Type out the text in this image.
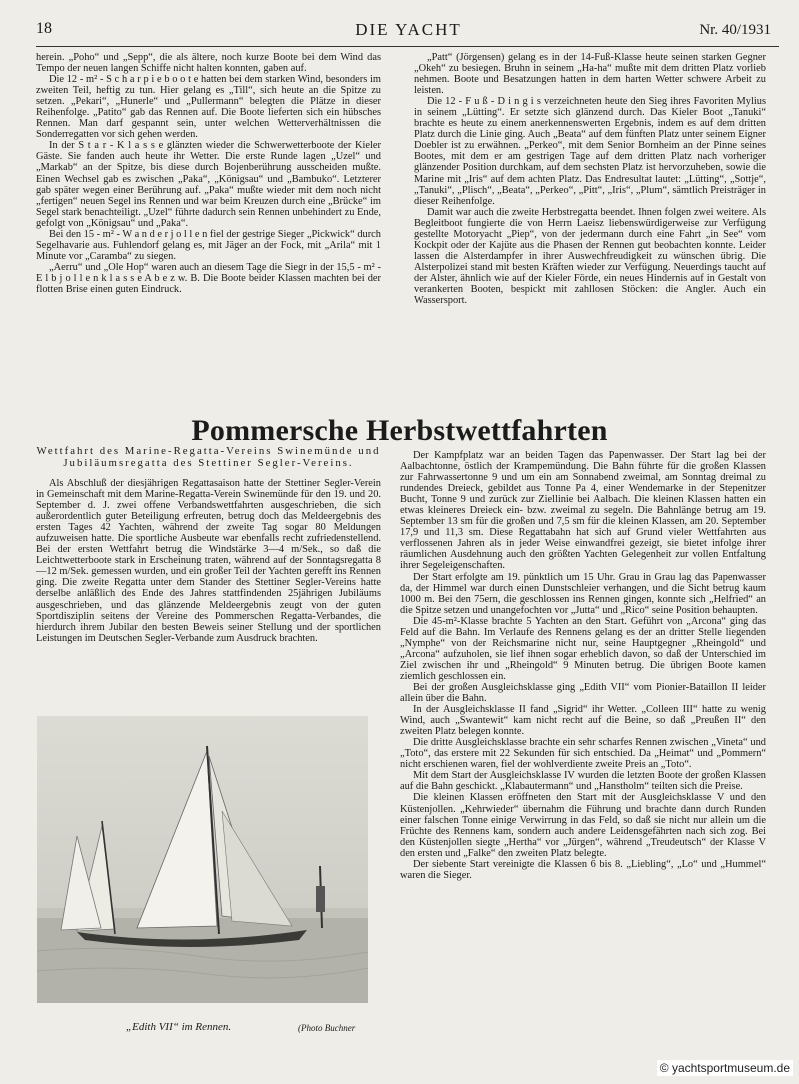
18	DIE YACHT	Nr. 40/1931

herein. „Poho“ und „Sepp“, die als ältere, noch kurze Boote bei dem Wind das Tempo der neuen langen Schiffe nicht halten konnten, gaben auf.

Die 12 - m² - S c h a r p i e b o o t e hatten bei dem starken Wind, besonders im zweiten Teil, heftig zu tun. Hier gelang es „Till“, sich heute an die Spitze zu setzen. „Pekari“, „Hunerle“ und „Pullermann“ belegten die Plätze in dieser Reihenfolge. „Patito“ gab das Rennen auf. Die Boote lieferten sich ein hübsches Rennen. Man darf gespannt sein, unter welchen Wetterverhältnissen die Sonderregatten vor sich gehen werden.

In der S t a r - K l a s s e glänzten wieder die Schwerwetterboote der Kieler Gäste. Sie fanden auch heute ihr Wetter. Die erste Runde lagen „Uzel“ und „Markab“ an der Spitze, bis diese durch Bojenberührung ausscheiden mußte. Einen Wechsel gab es zwischen „Paka“, „Königsau“ und „Bambuko“. Letzterer gab später wegen einer Berührung auf. „Paka“ mußte wieder mit dem noch nicht „fertigen“ neuen Segel ins Rennen und war beim Kreuzen durch eine „Brücke“ im Segel stark benachteiligt. „Uzel“ führte dadurch sein Rennen unbehindert zu Ende, gefolgt von „Königsau“ und „Paka“.

Bei den 15 - m² - W a n d e r j o l l e n fiel der gestrige Sieger „Pickwick“ durch Segelhavarie aus. Fuhlendorf gelang es, mit Jäger an der Fock, mit „Arila“ mit 1 Minute vor „Caramba“ zu siegen.

„Aerru“ und „Ole Hop“ waren auch an diesem Tage die Siegr in der 15,5 - m² - E l b j o l l e n k l a s s e A b e z w. B. Die Boote beider Klassen machten bei der flotten Brise einen guten Eindruck.

„Patt“ (Jörgensen) gelang es in der 14-Fuß-Klasse heute seinen starken Gegner „Okeh“ zu besiegen. Bruhn in seinem „Ha-ha“ mußte mit dem dritten Platz vorlieb nehmen. Boote und Besatzungen hatten in dem harten Wetter schwere Arbeit zu leisten.

Die 12 - F u ß - D i n g i s verzeichneten heute den Sieg ihres Favoriten Mylius in seinem „Lütting“. Er setzte sich glänzend durch. Das Kieler Boot „Tanuki“ brachte es heute zu einem anerkennenswerten Ergebnis, indem es auf dem dritten Platz durch die Linie ging. Auch „Beata“ auf dem fünften Platz unter seinem Eigner Doebler ist zu erwähnen. „Perkeo“, mit dem Senior Bornheim an der Pinne seines Bootes, mit dem er am gestrigen Tage auf dem dritten Platz nach vorheriger glänzender Position durchkam, auf dem sechsten Platz ist hervorzuheben, sowie die Marine mit „Iris“ auf dem achten Platz. Das Endresultat lautet: „Lütting“, „Sottje“, „Tanuki“, „Plisch“, „Beata“, „Perkeo“, „Pitt“, „Iris“, „Plum“, sämtlich Preisträger in dieser Reihenfolge.

Damit war auch die zweite Herbstregatta beendet. Ihnen folgen zwei weitere. Als Begleitboot fungierte die von Herrn Laeisz liebenswürdigerweise zur Verfügung gestellte Motoryacht „Piep“, von der jedermann durch eine Fahrt „in See“ vom Kockpit oder der Kajüte aus die Phasen der Rennen gut beobachten konnte. Leider lassen die Alsterdampfer in ihrer Auswechfreudigkeit zu wünschen übrig. Die Alsterpolizei stand mit besten Kräften wieder zur Verfügung. Neuerdings taucht auf der Alster, ähnlich wie auf der Kieler Förde, ein neues Hindernis auf in Gestalt von verankerten Booten, bespickt mit zahllosen Stöcken: die Angler. Auch ein Wassersport.

Pommersche Herbstwettfahrten
Wettfahrt des Marine-Regatta-Vereins Swinemünde und Jubiläumsregatta des Stettiner Segler-Vereins.

Als Abschluß der diesjährigen Regattasaison hatte der Stettiner Segler-Verein in Gemeinschaft mit dem Marine-Regatta-Verein Swinemünde für den 19. und 20. September d. J. zwei offene Verbandswettfahrten ausgeschrieben, die sich außerordentlich guter Beteiligung erfreuten, betrug doch das Meldeergebnis des ersten Tages 42 Yachten, während der zweite Tag sogar 80 Meldungen aufzuweisen hatte. Die sportliche Ausbeute war ebenfalls recht zufriedenstellend. Bei der ersten Wettfahrt betrug die Windstärke 3—4 m/Sek., so daß die Leichtwetterboote stark in Erscheinung traten, während auf der Sonntagsregatta 8—12 m/Sek. gemessen wurden, und ein großer Teil der Yachten gerefft ins Rennen ging. Die zweite Regatta unter dem Stander des Stettiner Segler-Vereins hatte derselbe anläßlich des Ende des Jahres stattfindenden 25jährigen Jubiläums ausgeschrieben, und das glänzende Meldeergebnis zeugt von der guten Sportdisziplin seitens der Vereine des Pommerschen Regatta-Verbandes, die hierdurch ihrem Jubilar den besten Beweis seiner Stellung und der sportlichen Leistungen im Deutschen Segler-Verbande zum Ausdruck brachten.

„Edith VII“ im Rennen.	(Photo Buchner

Der Kampfplatz war an beiden Tagen das Papenwasser. Der Start lag bei der Aalbachtonne, östlich der Krampemündung. Die Bahn führte für die großen Klassen zur Fahrwassertonne 9 und um ein am Sonnabend zweimal, am Sonntag dreimal zu rundendes Dreieck, gebildet aus Tonne Pa 4, einer Wendemarke in der Stepenitzer Bucht, Tonne 9 und zurück zur Ziellinie bei Aalbach. Die kleinen Klassen hatten ein etwas kleineres Dreieck ein- bzw. zweimal zu segeln. Die Bahnlänge betrug am 19. September 13 sm für die großen und 7,5 sm für die kleinen Klassen, am 20. September 17,9 und 11,3 sm. Diese Regattabahn hat sich auf Grund vieler Wettfahrten aus verflossenen Jahren als in jeder Weise einwandfrei gezeigt, sie bietet infolge ihrer räumlichen Ausdehnung auch den größten Yachten Gelegenheit zur vollen Entfaltung ihrer Segeleigenschaften.

Der Start erfolgte am 19. pünktlich um 15 Uhr. Grau in Grau lag das Papenwasser da, der Himmel war durch einen Dunstschleier verhangen, und die Sicht betrug kaum 1000 m. Bei den 75ern, die geschlossen ins Rennen gingen, konnte sich „Helfried“ an die Spitze setzen und unangefochten vor „Jutta“ und „Rico“ seine Position behaupten.

Die 45-m²-Klasse brachte 5 Yachten an den Start. Geführt von „Arcona“ ging das Feld auf die Bahn. Im Verlaufe des Rennens gelang es der an dritter Stelle liegenden „Nymphe“ von der Reichsmarine nicht nur, seine Hauptgegner „Rheingold“ und „Arcona“ aufzuholen, sie lief ihnen sogar erheblich davon, so daß der Unterschied im Ziel zwischen ihr und „Rheingold“ 9 Minuten betrug. Die übrigen Boote kamen ziemlich geschlossen ein.

Bei der großen Ausgleichsklasse ging „Edith VII“ vom Pionier-Bataillon II leider allein über die Bahn.

In der Ausgleichsklasse II fand „Sigrid“ ihr Wetter. „Colleen III“ hatte zu wenig Wind, auch „Swantewit“ kam nicht recht auf die Beine, so daß „Preußen II“ den zweiten Platz belegen konnte.

Die dritte Ausgleichsklasse brachte ein sehr scharfes Rennen zwischen „Vineta“ und „Toto“, das erstere mit 22 Sekunden für sich entschied. Da „Heimat“ und „Pommern“ nicht erschienen waren, fiel der wohlverdiente zweite Preis an „Toto“.

Mit dem Start der Ausgleichsklasse IV wurden die letzten Boote der großen Klassen auf die Bahn geschickt. „Klabautermann“ und „Hanstholm“ teilten sich die Preise.

Die kleinen Klassen eröffneten den Start mit der Ausgleichsklasse V und den Küstenjollen. „Kehrwieder“ übernahm die Führung und brachte dann durch Runden einer falschen Tonne einige Verwirrung in das Feld, so daß sie nicht nur allein um die Früchte des Rennens kam, sondern auch andere Leidensgefährten nach sich zog. Bei den Küstenjollen siegte „Hertha“ vor „Jürgen“, während „Treudeutsch“ der Klasse V den ersten und „Falke“ den zweiten Platz belegte.

Der siebente Start vereinigte die Klassen 6 bis 8. „Liebling“, „Lo“ und „Hummel“ waren die Sieger.

© yachtsportmuseum.de
